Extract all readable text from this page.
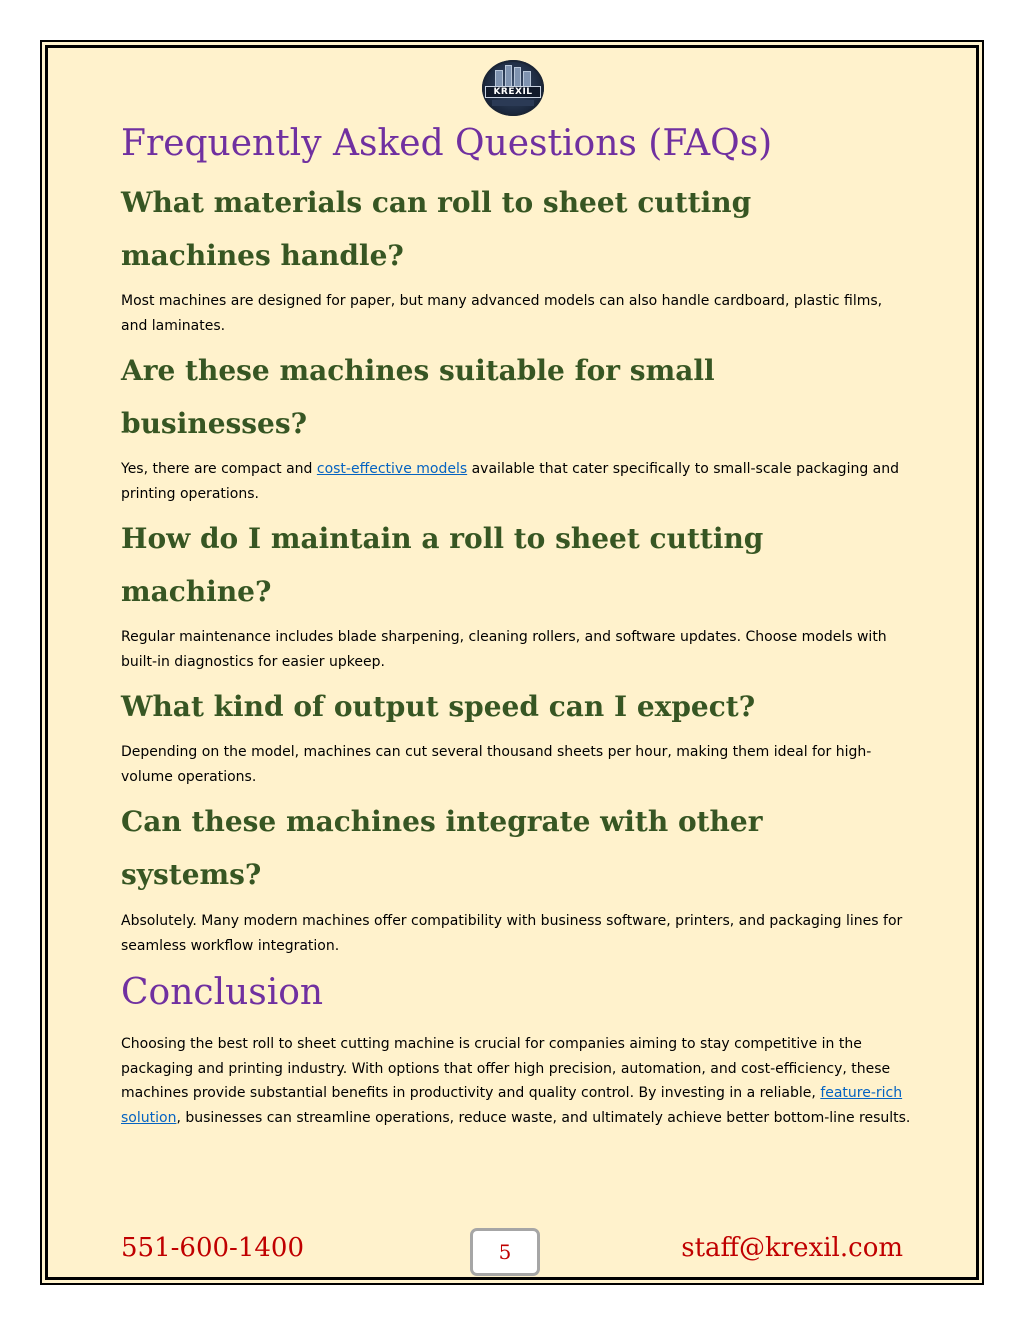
KREXIL
Frequently Asked Questions (FAQs)
What materials can roll to sheet cutting machines handle?

Most machines are designed for paper, but many advanced models can also handle cardboard, plastic films, and laminates.

Are these machines suitable for small businesses?

Yes, there are compact and cost-effective models available that cater specifically to small-scale packaging and printing operations.

How do I maintain a roll to sheet cutting machine?

Regular maintenance includes blade sharpening, cleaning rollers, and software updates. Choose models with built-in diagnostics for easier upkeep.

What kind of output speed can I expect?

Depending on the model, machines can cut several thousand sheets per hour, making them ideal for high-volume operations.

Can these machines integrate with other systems?

Absolutely. Many modern machines offer compatibility with business software, printers, and packaging lines for seamless workflow integration.

Conclusion

Choosing the best roll to sheet cutting machine is crucial for companies aiming to stay competitive in the packaging and printing industry. With options that offer high precision, automation, and cost-efficiency, these machines provide substantial benefits in productivity and quality control. By investing in a reliable, feature-rich solution, businesses can streamline operations, reduce waste, and ultimately achieve better bottom-line results.

551-600-1400	5	staff@krexil.com
